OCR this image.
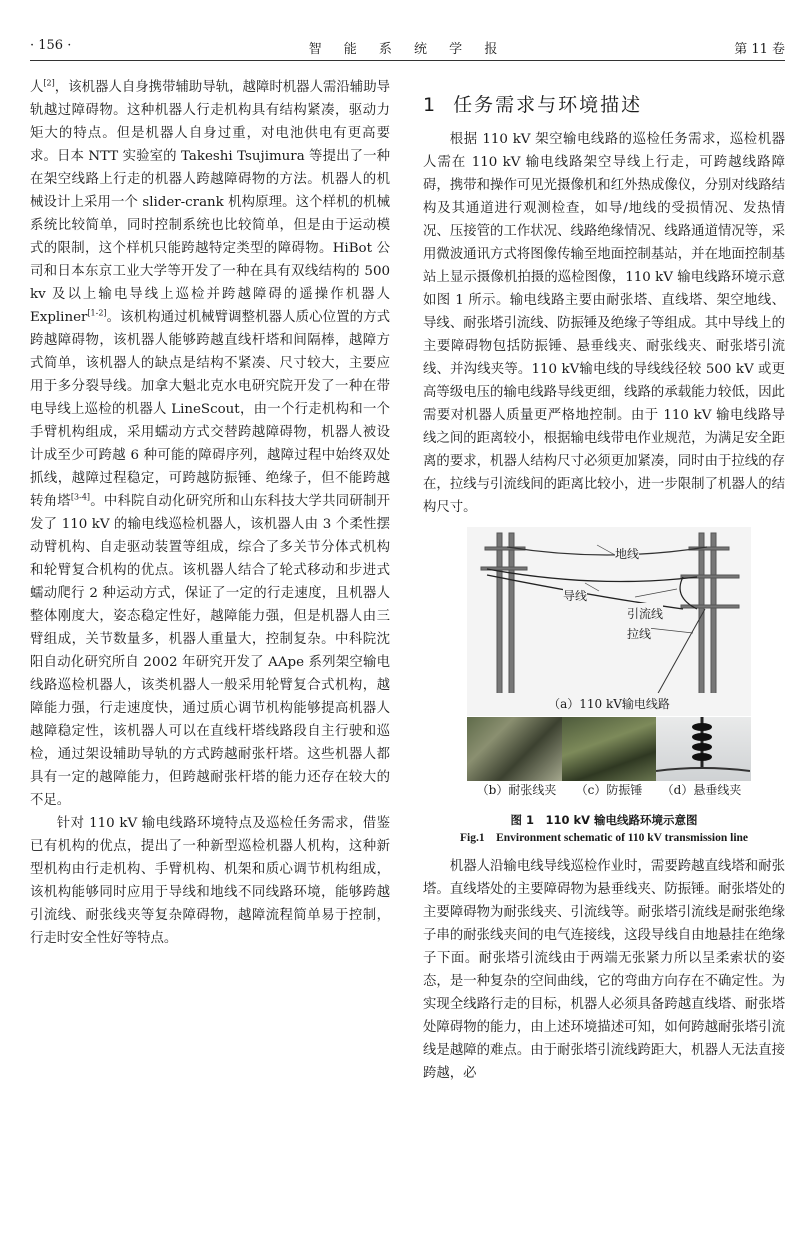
· 156 ·	智 能 系 统 学 报	第 11 卷

人[2]，该机器人自身携带辅助导轨，越障时机器人需沿辅助导轨越过障碍物。这种机器人行走机构具有结构紧凑，驱动力矩大的特点。但是机器人自身过重，对电池供电有更高要求。日本 NTT 实验室的 Takeshi Tsujimura 等提出了一种在架空线路上行走的机器人跨越障碍物的方法。机器人的机械设计上采用一个 slider-crank 机构原理。这个样机的机械系统比较简单，同时控制系统也比较简单，但是由于运动模式的限制，这个样机只能跨越特定类型的障碍物。HiBot 公司和日本东京工业大学等开发了一种在具有双线结构的 500 kv 及以上输电导线上巡检并跨越障碍的遥操作机器人 Expliner[1-2]。该机构通过机械臂调整机器人质心位置的方式跨越障碍物，该机器人能够跨越直线杆塔和间隔棒，越障方式简单，该机器人的缺点是结构不紧凑、尺寸较大，主要应用于多分裂导线。加拿大魁北克水电研究院开发了一种在带电导线上巡检的机器人 LineScout，由一个行走机构和一个手臂机构组成，采用蠕动方式交替跨越障碍物，机器人被设计成至少可跨越 6 种可能的障碍序列，越障过程中始终双处抓线，越障过程稳定，可跨越防振锤、绝缘子，但不能跨越转角塔[3-4]。中科院自动化研究所和山东科技大学共同研制开发了 110 kV 的输电线巡检机器人，该机器人由 3 个柔性摆动臂机构、自走驱动装置等组成，综合了多关节分体式机构和轮臂复合机构的优点。该机器人结合了轮式移动和步进式蠕动爬行 2 种运动方式，保证了一定的行走速度，且机器人整体刚度大，姿态稳定性好，越障能力强，但是机器人由三臂组成，关节数量多，机器人重量大，控制复杂。中科院沈阳自动化研究所自 2002 年研究开发了 AApe 系列架空输电线路巡检机器人，该类机器人一般采用轮臂复合式机构，越障能力强，行走速度快，通过质心调节机构能够提高机器人越障稳定性，该机器人可以在直线杆塔线路段自主行驶和巡检，通过架设辅助导轨的方式跨越耐张杆塔。这些机器人都具有一定的越障能力，但跨越耐张杆塔的能力还存在较大的不足。

针对 110 kV 输电线路环境特点及巡检任务需求，借鉴已有机构的优点，提出了一种新型巡检机器人机构，这种新型机构由行走机构、手臂机构、机架和质心调节机构组成，该机构能够同时应用于导线和地线不同线路环境，能够跨越引流线、耐张线夹等复杂障碍物，越障流程简单易于控制，行走时安全性好等特点。

1 任务需求与环境描述

根据 110 kV 架空输电线路的巡检任务需求，巡检机器人需在 110 kV 输电线路架空导线上行走，可跨越线路障碍，携带和操作可见光摄像机和红外热成像仪，分别对线路结构及其通道进行观测检查，如导/地线的受损情况、发热情况、压接管的工作状况、线路绝缘情况、线路通道情况等，采用微波通讯方式将图像传输至地面控制基站，并在地面控制基站上显示摄像机拍摄的巡检图像，110 kV 输电线路环境示意如图 1 所示。输电线路主要由耐张塔、直线塔、架空地线、导线、耐张塔引流线、防振锤及绝缘子等组成。其中导线上的主要障碍物包括防振锤、悬垂线夹、耐张线夹、耐张塔引流线、并沟线夹等。110 kV输电线的导线线径较 500 kV 或更高等级电压的输电线路导线更细，线路的承载能力较低，因此需要对机器人质量更严格地控制。由于 110 kV 输电线路导线之间的距离较小，根据输电线带电作业规范，为满足安全距离的要求，机器人结构尺寸必须更加紧凑，同时由于拉线的存在，拉线与引流线间的距离比较小，进一步限制了机器人的结构尺寸。

地线
导线
引流线
拉线
（a）110 kV输电线路
（b）耐张线夹 （c）防振锤 （d）悬垂线夹
图 1　110 kV 输电线路环境示意图
Fig.1　Environment schematic of 110 kV transmission line

机器人沿输电线导线巡检作业时，需要跨越直线塔和耐张塔。直线塔处的主要障碍物为悬垂线夹、防振锤。耐张塔处的主要障碍物为耐张线夹、引流线等。耐张塔引流线是耐张绝缘子串的耐张线夹间的电气连接线，这段导线自由地悬挂在绝缘子下面。耐张塔引流线由于两端无张紧力所以呈柔索状的姿态，是一种复杂的空间曲线，它的弯曲方向存在不确定性。为实现全线路行走的目标，机器人必须具备跨越直线塔、耐张塔处障碍物的能力，由上述环境描述可知，如何跨越耐张塔引流线是越障的难点。由于耐张塔引流线跨距大，机器人无法直接跨越，必
